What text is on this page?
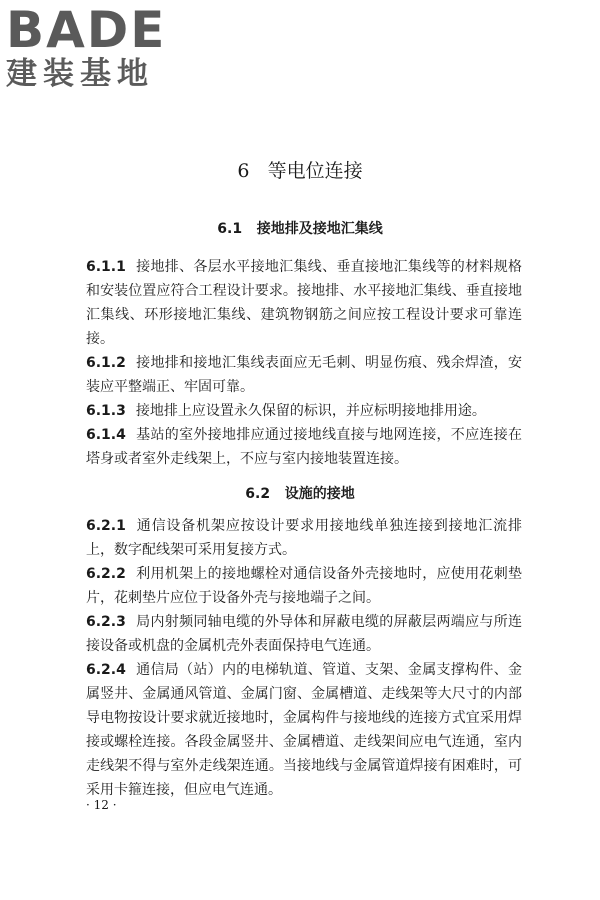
BADE
建装基地
6 等电位连接
6.1 接地排及接地汇集线

6.1.1 接地排、各层水平接地汇集线、垂直接地汇集线等的材料规格和安装位置应符合工程设计要求。接地排、水平接地汇集线、垂直接地汇集线、环形接地汇集线、建筑物钢筋之间应按工程设计要求可靠连接。

6.1.2 接地排和接地汇集线表面应无毛刺、明显伤痕、残余焊渣，安装应平整端正、牢固可靠。

6.1.3 接地排上应设置永久保留的标识，并应标明接地排用途。

6.1.4 基站的室外接地排应通过接地线直接与地网连接，不应连接在塔身或者室外走线架上，不应与室内接地装置连接。

6.2 设施的接地

6.2.1 通信设备机架应按设计要求用接地线单独连接到接地汇流排上，数字配线架可采用复接方式。

6.2.2 利用机架上的接地螺栓对通信设备外壳接地时，应使用花刺垫片，花刺垫片应位于设备外壳与接地端子之间。

6.2.3 局内射频同轴电缆的外导体和屏蔽电缆的屏蔽层两端应与所连接设备或机盘的金属机壳外表面保持电气连通。

6.2.4 通信局（站）内的电梯轨道、管道、支架、金属支撑构件、金属竖井、金属通风管道、金属门窗、金属槽道、走线架等大尺寸的内部导电物按设计要求就近接地时，金属构件与接地线的连接方式宜采用焊接或螺栓连接。各段金属竖井、金属槽道、走线架间应电气连通，室内走线架不得与室外走线架连通。当接地线与金属管道焊接有困难时，可采用卡箍连接，但应电气连通。

· 12 ·
